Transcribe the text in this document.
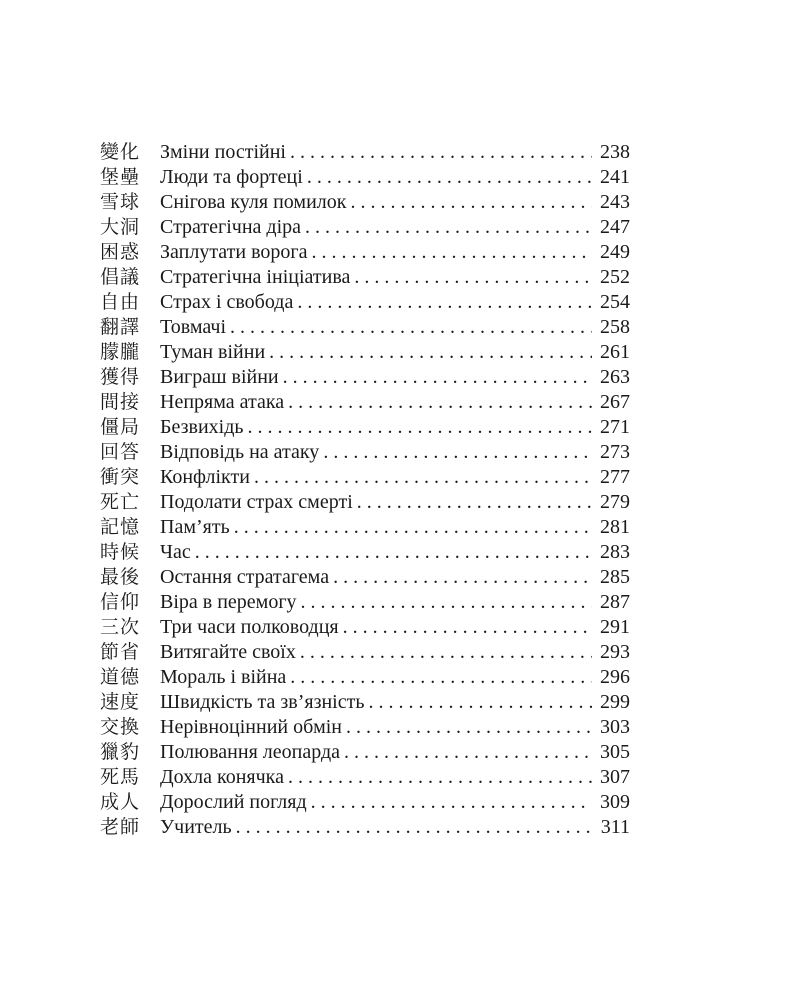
變化 Зміни постійні . . .	238
堡壘 Люди та фортеці . . .	241
雪球 Снігова куля помилок . . .	243
大洞 Стратегічна діра . . .	247
困惑 Заплутати ворога . . .	249
倡議 Стратегічна ініціатива . . .	252
自由 Страх і свобода . . .	254
翻譯 Товмачі . . .	258
朦朧 Туман війни . . .	261
獲得 Виграш війни . . .	263
間接 Непряма атака . . .	267
僵局 Безвихідь . . .	271
回答 Відповідь на атаку . . .	273
衝突 Конфлікти . . .	277
死亡 Подолати страх смерті . . .	279
記憶 Пам’ять . . .	281
時候 Час . . .	283
最後 Остання стратагема . . .	285
信仰 Віра в перемогу . . .	287
三次 Три часи полководця . . .	291
節省 Витягайте своїх . . .	293
道德 Мораль і війна . . .	296
速度 Швидкість та зв’язність . . .	299
交換 Нерівноцінний обмін . . .	303
獵豹 Полювання леопарда . . .	305
死馬 Дохла конячка . . .	307
成人 Дорослий погляд . . .	309
老師 Учитель . . .	311
